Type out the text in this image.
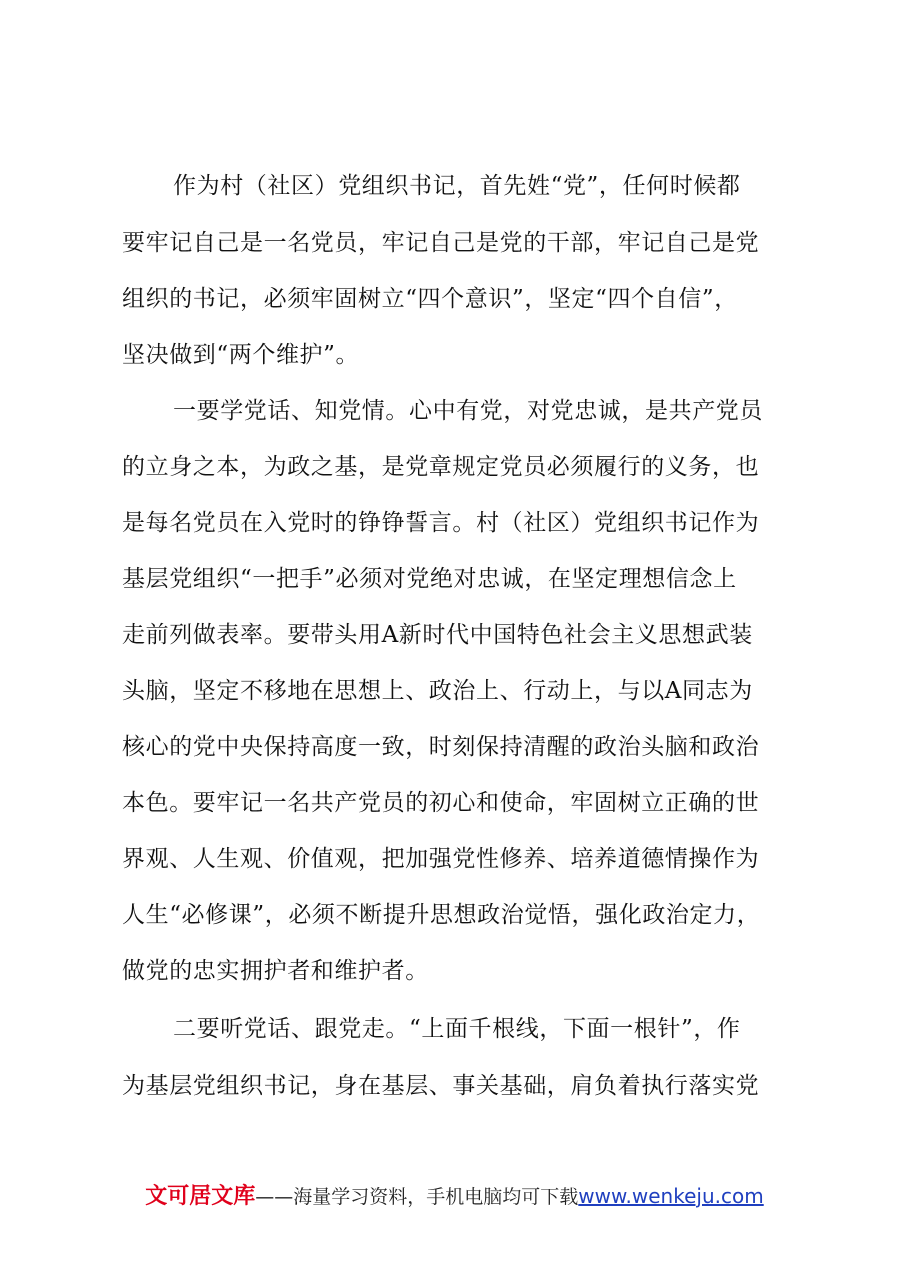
作为村（社区）党组织书记，首先姓“党”，任何时候都
要牢记自己是一名党员，牢记自己是党的干部，牢记自己是党
组织的书记，必须牢固树立“四个意识”，坚定“四个自信”，
坚决做到“两个维护”。
一要学党话、知党情。心中有党，对党忠诚，是共产党员
的立身之本，为政之基，是党章规定党员必须履行的义务，也
是每名党员在入党时的铮铮誓言。村（社区）党组织书记作为
基层党组织“一把手”必须对党绝对忠诚，在坚定理想信念上
走前列做表率。要带头用A新时代中国特色社会主义思想武装
头脑，坚定不移地在思想上、政治上、行动上，与以A同志为
核心的党中央保持高度一致，时刻保持清醒的政治头脑和政治
本色。要牢记一名共产党员的初心和使命，牢固树立正确的世
界观、人生观、价值观，把加强党性修养、培养道德情操作为
人生“必修课”，必须不断提升思想政治觉悟，强化政治定力，
做党的忠实拥护者和维护者。
二要听党话、跟党走。“上面千根线，下面一根针”，作
为基层党组织书记，身在基层、事关基础，肩负着执行落实党
文可居文库——海量学习资料，手机电脑均可下载www.wenkeju.com
